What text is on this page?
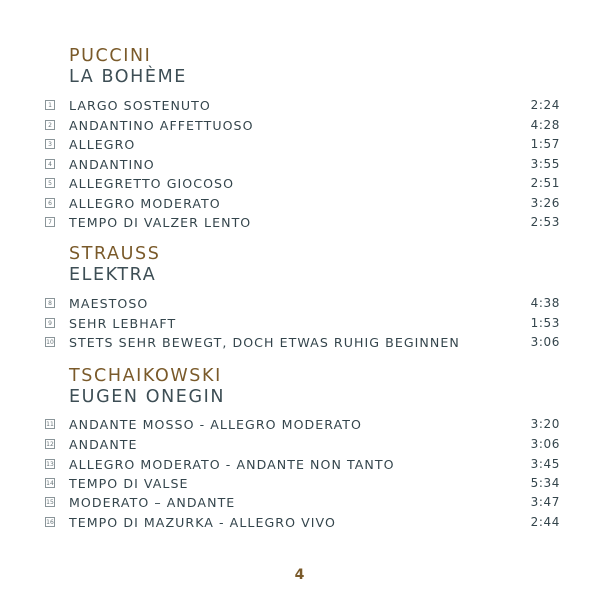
PUCCINI
LA BOHÈME
1 LARGO SOSTENUTO	2:24
2 ANDANTINO AFFETTUOSO	4:28
3 ALLEGRO	1:57
4 ANDANTINO	3:55
5 ALLEGRETTO GIOCOSO	2:51
6 ALLEGRO MODERATO	3:26
7 TEMPO DI VALZER LENTO	2:53
STRAUSS
ELEKTRA
8 MAESTOSO	4:38
9 SEHR LEBHAFT	1:53
10 STETS SEHR BEWEGT, DOCH ETWAS RUHIG BEGINNEN	3:06
TSCHAIKOWSKI
EUGEN ONEGIN
11 ANDANTE MOSSO - ALLEGRO MODERATO	3:20
12 ANDANTE	3:06
13 ALLEGRO MODERATO - ANDANTE NON TANTO	3:45
14 TEMPO DI VALSE	5:34
15 MODERATO – ANDANTE	3:47
16 TEMPO DI MAZURKA - ALLEGRO VIVO	2:44
4
